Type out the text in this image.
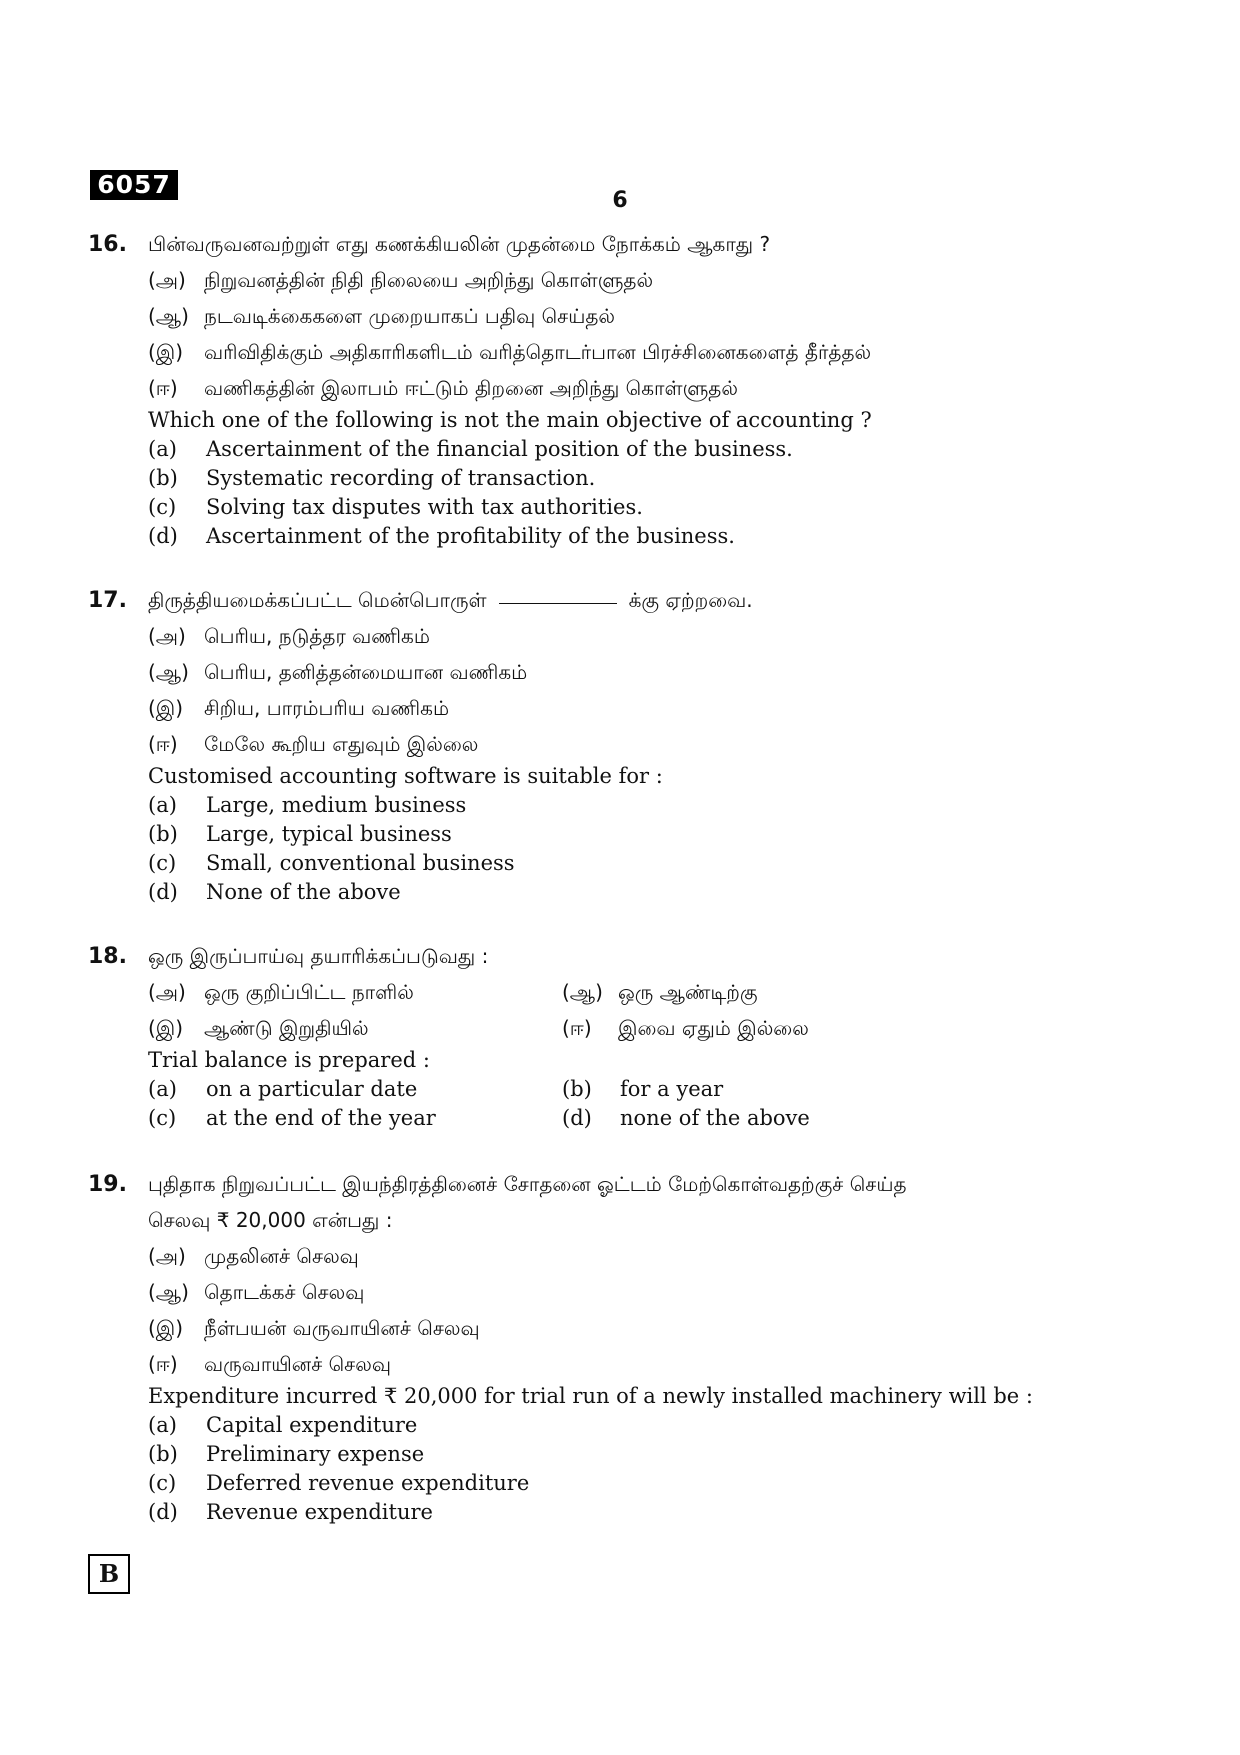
6057
6
16.	பின்வருவனவற்றுள் எது கணக்கியலின் முதன்மை நோக்கம் ஆகாது ?
(அ) நிறுவனத்தின் நிதி நிலையை அறிந்து கொள்ளுதல்
(ஆ) நடவடிக்கைகளை முறையாகப் பதிவு செய்தல்
(இ)	வரிவிதிக்கும் அதிகாரிகளிடம் வரித்தொடர்பான பிரச்சினைகளைத் தீர்த்தல்
(ஈ)	வணிகத்தின் இலாபம் ஈட்டும் திறனை அறிந்து கொள்ளுதல்
Which one of the following is not the main objective of accounting ?
(a)	Ascertainment of the financial position of the business.
(b)	Systematic recording of transaction.
(c)	Solving tax disputes with tax authorities.
(d)	Ascertainment of the profitability of the business.
17.	திருத்தியமைக்கப்பட்ட மென்பொருள்	க்கு ஏற்றவை.
(அ) பெரிய, நடுத்தர வணிகம்
(ஆ) பெரிய, தனித்தன்மையான வணிகம்
(இ)	சிறிய, பாரம்பரிய வணிகம்
(ஈ)	மேலே கூறிய எதுவும் இல்லை
Customised accounting software is suitable for :
(a)	Large, medium business
(b)	Large, typical business
(c)	Small, conventional business
(d)	None of the above
18.	ஒரு இருப்பாய்வு தயாரிக்கப்படுவது :
(அ) ஒரு குறிப்பிட்ட நாளில்	(ஆ) ஒரு ஆண்டிற்கு
(இ)	ஆண்டு இறுதியில்	(ஈ)	இவை ஏதும் இல்லை
Trial balance is prepared :
(a)	on a particular date	(b)	for a year
(c)	at the end of the year	(d)	none of the above
19.	புதிதாக நிறுவப்பட்ட இயந்திரத்தினைச் சோதனை ஓட்டம் மேற்கொள்வதற்குச் செய்த
செலவு ₹ 20,000 என்பது :
(அ) முதலினச் செலவு
(ஆ) தொடக்கச் செலவு
(இ)	நீள்பயன் வருவாயினச் செலவு
(ஈ)	வருவாயினச் செலவு
Expenditure incurred ₹ 20,000 for trial run of a newly installed machinery will be :
(a)	Capital expenditure
(b)	Preliminary expense
(c)	Deferred revenue expenditure
(d)	Revenue expenditure
B
